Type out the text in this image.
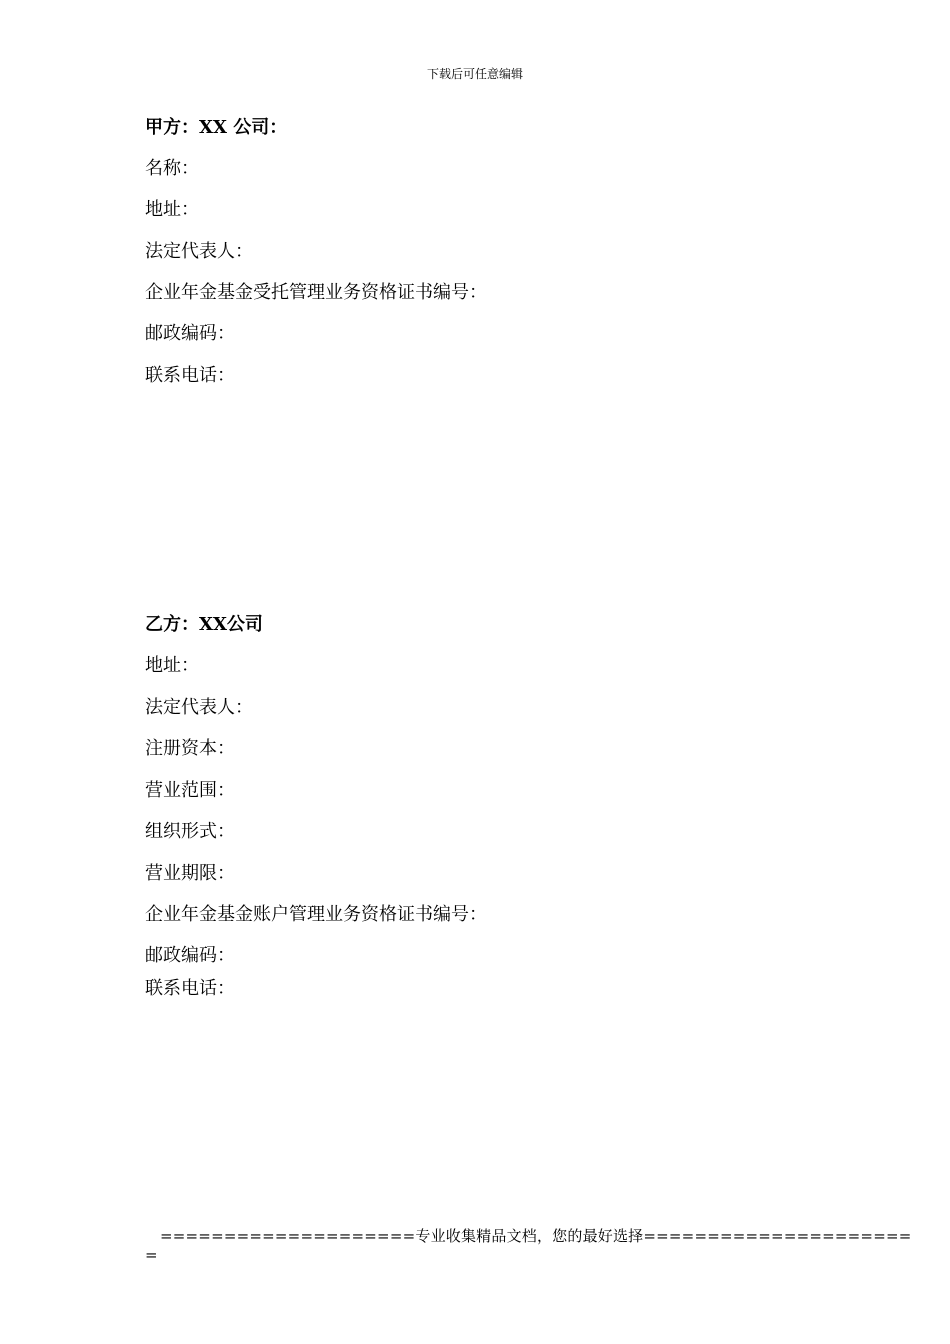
下载后可任意编辑
甲方：XX 公司：
名称：
地址：
法定代表人：
企业年金基金受托管理业务资格证书编号：
邮政编码：
联系电话：
乙方：XX公司
地址：
法定代表人：
注册资本：
营业范围：
组织形式：
营业期限：
企业年金基金账户管理业务资格证书编号：
邮政编码：
联系电话：
====================专业收集精品文档，您的最好选择=====================
=
